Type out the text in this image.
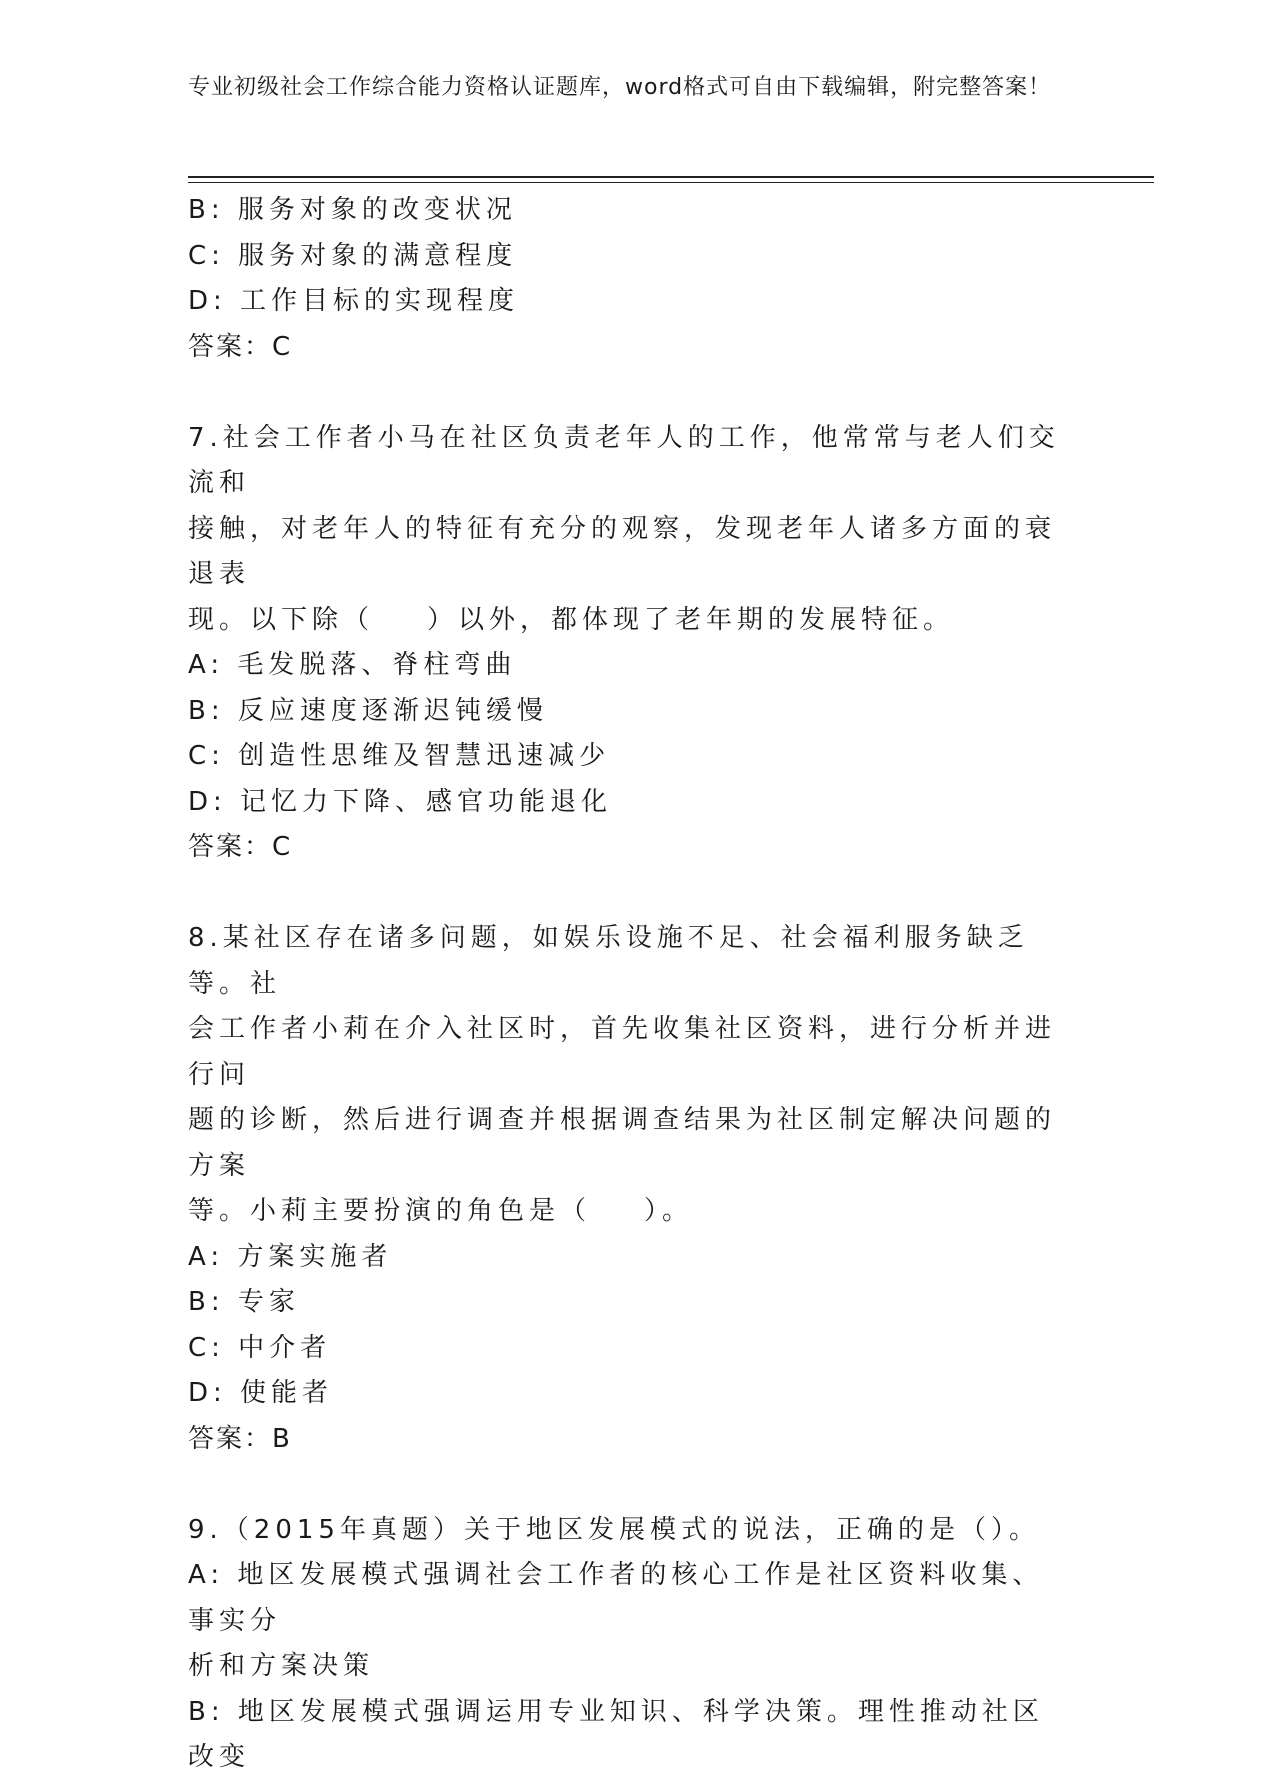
专业初级社会工作综合能力资格认证题库，word格式可自由下载编辑，附完整答案！

B: 服务对象的改变状况

C: 服务对象的满意程度

D: 工作目标的实现程度

答案：C

7.社会工作者小马在社区负责老年人的工作，他常常与老人们交流和

接触，对老年人的特征有充分的观察，发现老年人诸多方面的衰退表

现。以下除（    ）以外，都体现了老年期的发展特征。

A: 毛发脱落、脊柱弯曲

B: 反应速度逐渐迟钝缓慢

C: 创造性思维及智慧迅速减少

D: 记忆力下降、感官功能退化

答案：C

8.某社区存在诸多问题，如娱乐设施不足、社会福利服务缺乏等。社

会工作者小莉在介入社区时，首先收集社区资料，进行分析并进行问

题的诊断，然后进行调查并根据调查结果为社区制定解决问题的方案

等。小莉主要扮演的角色是（    ）。

A: 方案实施者

B: 专家

C: 中介者

D: 使能者

答案：B

9.（2015年真题）关于地区发展模式的说法，正确的是（）。

A: 地区发展模式强调社会工作者的核心工作是社区资料收集、事实分

析和方案决策

B: 地区发展模式强调运用专业知识、科学决策。理性推动社区改变
